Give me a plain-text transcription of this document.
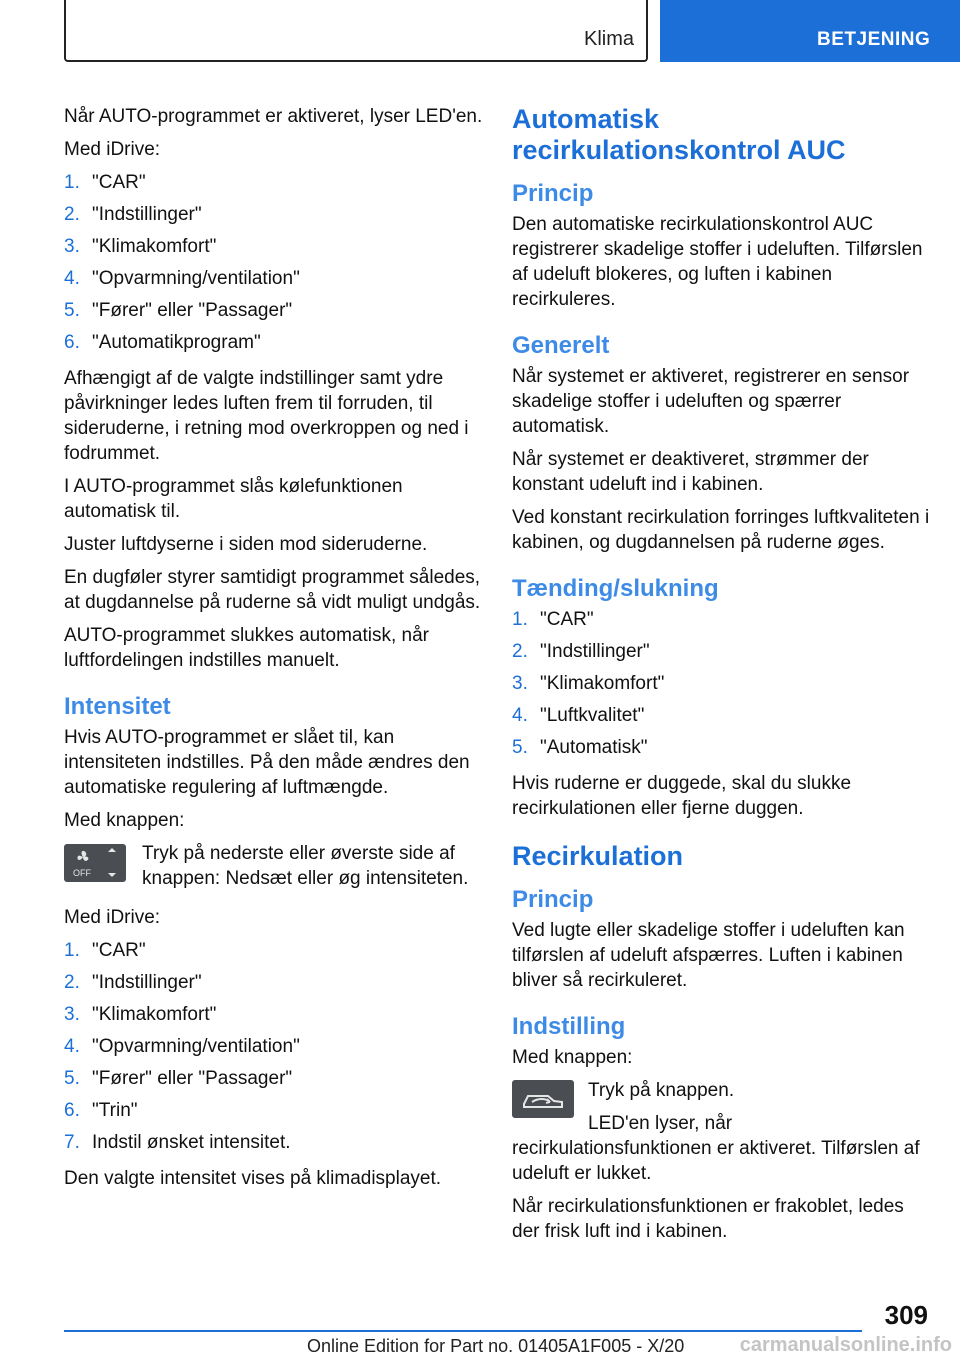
Klima	BETJENING

Når AUTO-programmet er aktiveret, lyser LED'en.

Med iDrive:

1. "CAR"
2. "Indstillinger"
3. "Klimakomfort"
4. "Opvarmning/ventilation"
5. "Fører" eller "Passager"
6. "Automatikprogram"

Afhængigt af de valgte indstillinger samt ydre påvirkninger ledes luften frem til forruden, til sideruderne, i retning mod overkroppen og ned i fodrummet.

I AUTO-programmet slås kølefunktionen automatisk til.

Juster luftdyserne i siden mod sideruderne.

En dugføler styrer samtidigt programmet således, at dugdannelse på ruderne så vidt muligt undgås.

AUTO-programmet slukkes automatisk, når luftfordelingen indstilles manuelt.

Intensitet

Hvis AUTO-programmet er slået til, kan intensiteten indstilles. På den måde ændres den automatiske regulering af luftmængde.

Med knappen:

OFF
Tryk på nederste eller øverste side af knappen: Nedsæt eller øg intensiteten.

Med iDrive:

1. "CAR"
2. "Indstillinger"
3. "Klimakomfort"
4. "Opvarmning/ventilation"
5. "Fører" eller "Passager"
6. "Trin"
7. Indstil ønsket intensitet.

Den valgte intensitet vises på klimadisplayet.

Automatisk recirkulationskontrol AUC
Princip

Den automatiske recirkulationskontrol AUC registrerer skadelige stoffer i udeluften. Tilførslen af udeluft blokeres, og luften i kabinen recirkuleres.

Generelt

Når systemet er aktiveret, registrerer en sensor skadelige stoffer i udeluften og spærrer automatisk.

Når systemet er deaktiveret, strømmer der konstant udeluft ind i kabinen.

Ved konstant recirkulation forringes luftkvaliteten i kabinen, og dugdannelsen på ruderne øges.

Tænding/slukning
1. "CAR"
2. "Indstillinger"
3. "Klimakomfort"
4. "Luftkvalitet"
5. "Automatisk"

Hvis ruderne er duggede, skal du slukke recirkulationen eller fjerne duggen.

Recirkulation
Princip

Ved lugte eller skadelige stoffer i udeluften kan tilførslen af udeluft afspærres. Luften i kabinen bliver så recirkuleret.

Indstilling

Med knappen:

Tryk på knappen.
LED'en lyser, når recirkulationsfunktionen er aktiveret. Tilførslen af udeluft er lukket.

Når recirkulationsfunktionen er frakoblet, ledes der frisk luft ind i kabinen.

309
Online Edition for Part no. 01405A1F005 - X/20	carmanualsonline.info
